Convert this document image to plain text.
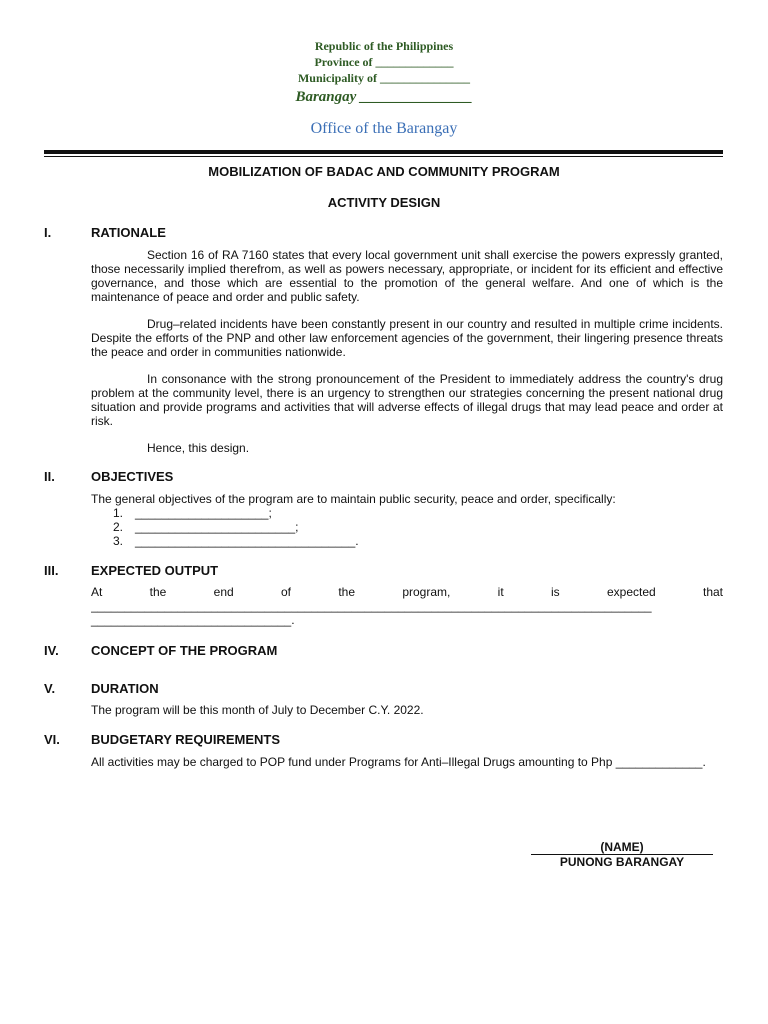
Republic of the Philippines
Province of _____________
Municipality of _______________
Barangay _______________
Office of the Barangay
MOBILIZATION OF BADAC AND COMMUNITY PROGRAM
ACTIVITY DESIGN
I.	RATIONALE
Section 16 of RA 7160 states that every local government unit shall exercise the powers expressly granted, those necessarily implied therefrom, as well as powers necessary, appropriate, or incident for its efficient and effective governance, and those which are essential to the promotion of the general welfare. And one of which is the maintenance of peace and order and public safety.
Drug–related incidents have been constantly present in our country and resulted in multiple crime incidents. Despite the efforts of the PNP and other law enforcement agencies of the government, their lingering presence threats the peace and order in communities nationwide.
In consonance with the strong pronouncement of the President to immediately address the country's drug problem at the community level, there is an urgency to strengthen our strategies concerning the present national drug situation and provide programs and activities that will adverse effects of illegal drugs that may lead peace and order at risk.
Hence, this design.
II.	OBJECTIVES
The general objectives of the program are to maintain public security, peace and order, specifically:
1. ____________________;
2. ________________________;
3. _________________________________.
III.	EXPECTED OUTPUT
At	the	end	of	the	program,	it	is	expected	that
____________________________________________________________________________________
______________________________.
IV. CONCEPT OF THE PROGRAM
V.	DURATION
The program will be this month of July to December C.Y. 2022.
VI. BUDGETARY REQUIREMENTS
All activities may be charged to POP fund under Programs for Anti–Illegal Drugs amounting to Php _____________.
(NAME)
PUNONG BARANGAY
